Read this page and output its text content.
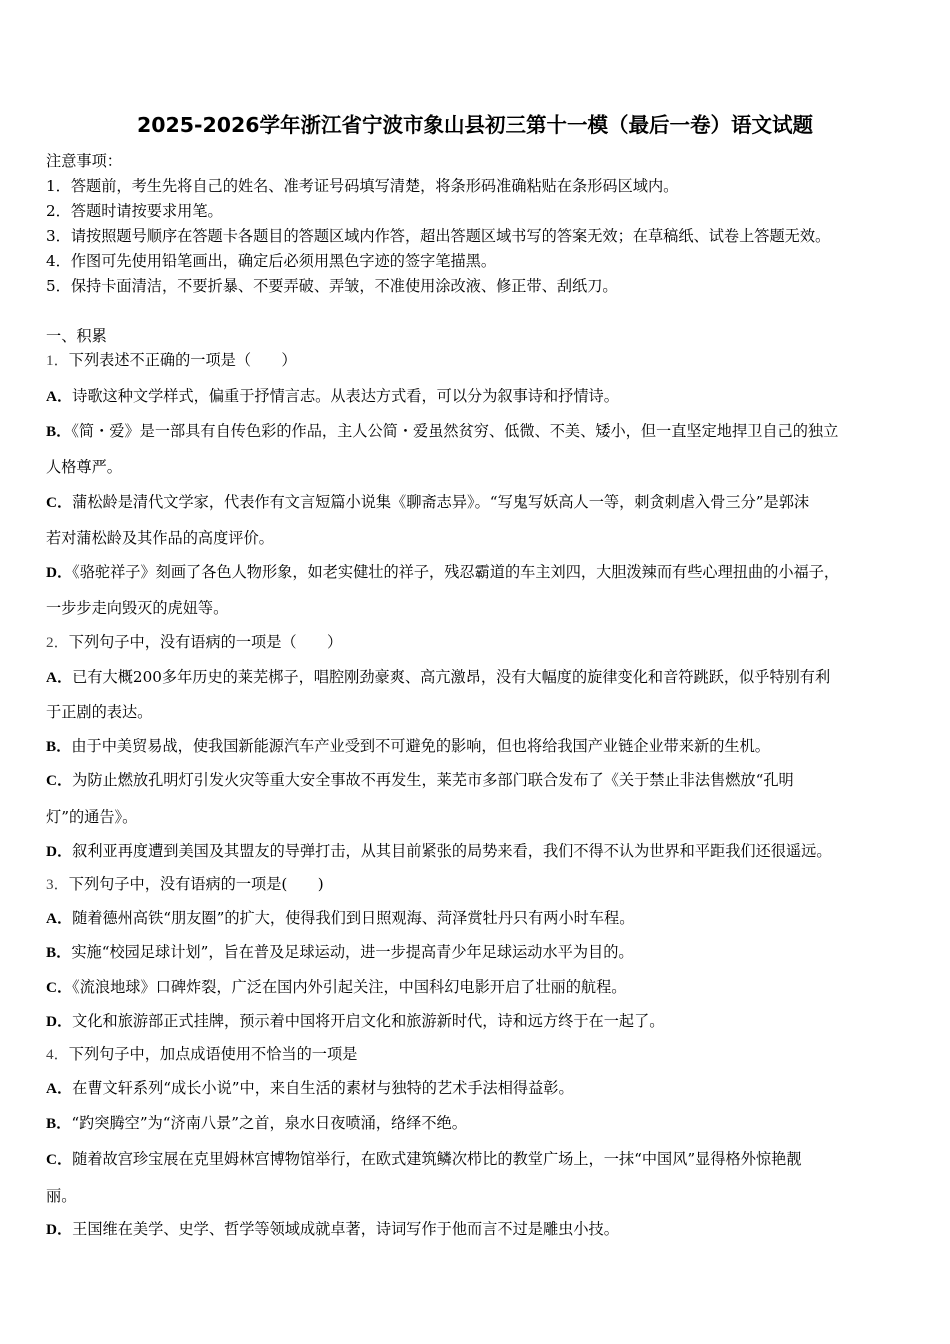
2025-2026学年浙江省宁波市象山县初三第十一模（最后一卷）语文试题
注意事项：
1．答题前，考生先将自己的姓名、准考证号码填写清楚，将条形码准确粘贴在条形码区域内。
2．答题时请按要求用笔。
3．请按照题号顺序在答题卡各题目的答题区域内作答，超出答题区域书写的答案无效；在草稿纸、试卷上答题无效。
4．作图可先使用铅笔画出，确定后必须用黑色字迹的签字笔描黑。
5．保持卡面清洁，不要折暴、不要弄破、弄皱，不准使用涂改液、修正带、刮纸刀。
一、积累
1．下列表述不正确的一项是（　　）
A．诗歌这种文学样式，偏重于抒情言志。从表达方式看，可以分为叙事诗和抒情诗。
B．《简・爱》是一部具有自传色彩的作品，主人公简・爱虽然贫穷、低微、不美、矮小，但一直坚定地捍卫自己的独立
人格尊严。
C．蒲松龄是清代文学家，代表作有文言短篇小说集《聊斋志异》。“写鬼写妖高人一等，刺贪刺虐入骨三分”是郭沫
若对蒲松龄及其作品的高度评价。
D．《骆驼祥子》刻画了各色人物形象，如老实健壮的祥子，残忍霸道的车主刘四，大胆泼辣而有些心理扭曲的小福子，
一步步走向毁灭的虎妞等。
2．下列句子中，没有语病的一项是（　　）
A．已有大概200多年历史的莱芜梆子，唱腔刚劲豪爽、高亢激昂，没有大幅度的旋律变化和音符跳跃，似乎特别有利
于正剧的表达。
B．由于中美贸易战，使我国新能源汽车产业受到不可避免的影响，但也将给我国产业链企业带来新的生机。
C．为防止燃放孔明灯引发火灾等重大安全事故不再发生，莱芜市多部门联合发布了《关于禁止非法售燃放“孔明
灯”的通告》。
D．叙利亚再度遭到美国及其盟友的导弹打击，从其目前紧张的局势来看，我们不得不认为世界和平距我们还很遥远。
3．下列句子中，没有语病的一项是(　　)
A．随着德州高铁“朋友圈”的扩大，使得我们到日照观海、菏泽赏牡丹只有两小时车程。
B．实施“校园足球计划”，旨在普及足球运动，进一步提高青少年足球运动水平为目的。
C．《流浪地球》口碑炸裂，广泛在国内外引起关注，中国科幻电影开启了壮丽的航程。
D．文化和旅游部正式挂牌，预示着中国将开启文化和旅游新时代，诗和远方终于在一起了。
4．下列句子中，加点成语使用不恰当的一项是
A．在曹文轩系列“成长小说”中，来自生活的素材与独特的艺术手法相得益彰。
B．“趵突腾空”为“济南八景”之首，泉水日夜喷涌，络绎不绝。
C．随着故宫珍宝展在克里姆林宫博物馆举行，在欧式建筑鳞次栉比的教堂广场上，一抹“中国风”显得格外惊艳靓
丽。
D．王国维在美学、史学、哲学等领域成就卓著，诗词写作于他而言不过是雕虫小技。
